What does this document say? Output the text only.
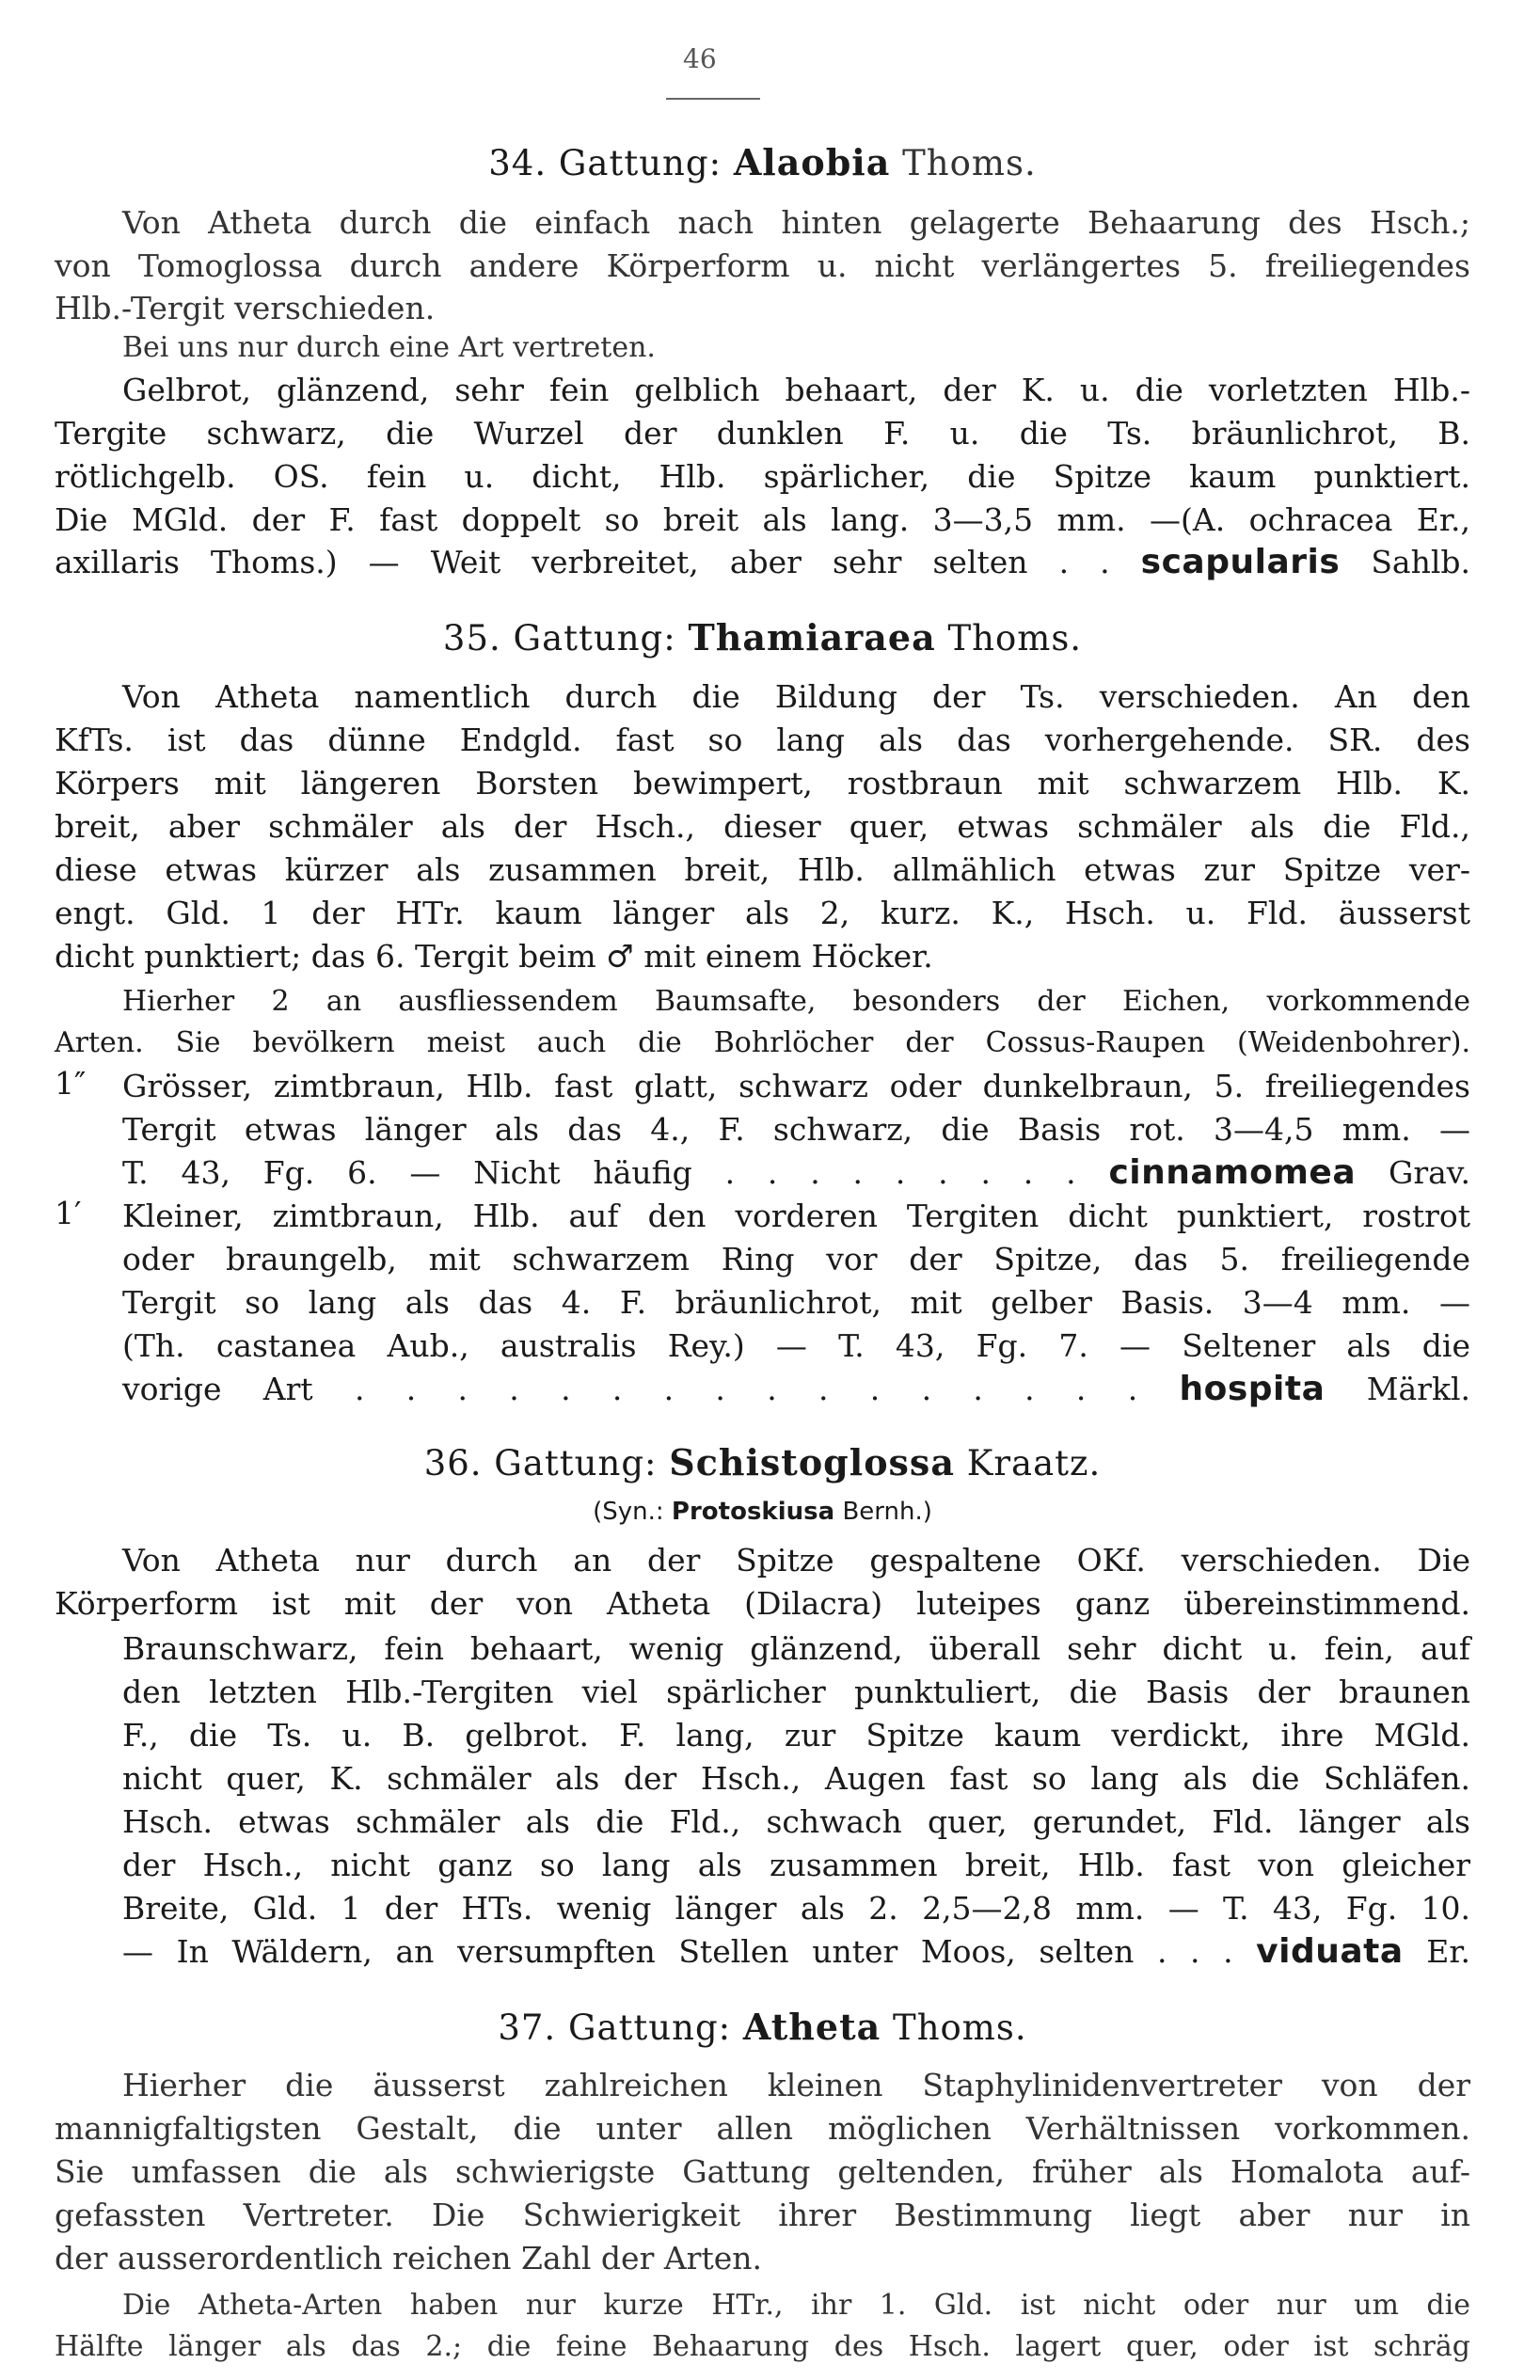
46
34. Gattung: Alaobia Thoms.
Von Atheta durch die einfach nach hinten gelagerte Behaarung des Hsch.;
von Tomoglossa durch andere Körperform u. nicht verlängertes 5. freiliegendes
Hlb.-Tergit verschieden.
Bei uns nur durch eine Art vertreten.
Gelbrot, glänzend, sehr fein gelblich behaart, der K. u. die vorletzten Hlb.-
Tergite schwarz, die Wurzel der dunklen F. u. die Ts. bräunlichrot, B.
rötlichgelb. OS. fein u. dicht, Hlb. spärlicher, die Spitze kaum punktiert.
Die MGld. der F. fast doppelt so breit als lang. 3—3,5 mm. —(A. ochracea Er.,
axillaris Thoms.) — Weit verbreitet, aber sehr selten . . scapularis Sahlb.
35. Gattung: Thamiaraea Thoms.
Von Atheta namentlich durch die Bildung der Ts. verschieden. An den
KfTs. ist das dünne Endgld. fast so lang als das vorhergehende. SR. des
Körpers mit längeren Borsten bewimpert, rostbraun mit schwarzem Hlb. K.
breit, aber schmäler als der Hsch., dieser quer, etwas schmäler als die Fld.,
diese etwas kürzer als zusammen breit, Hlb. allmählich etwas zur Spitze ver-
engt. Gld. 1 der HTr. kaum länger als 2, kurz. K., Hsch. u. Fld. äusserst
dicht punktiert; das 6. Tergit beim ♂ mit einem Höcker.
Hierher 2 an ausfliessendem Baumsafte, besonders der Eichen, vorkommende
Arten. Sie bevölkern meist auch die Bohrlöcher der Cossus-Raupen (Weidenbohrer).
1″	Grösser, zimtbraun, Hlb. fast glatt, schwarz oder dunkelbraun, 5. freiliegendes
Tergit etwas länger als das 4., F. schwarz, die Basis rot. 3—4,5 mm. —
T. 43, Fg. 6. — Nicht häufig . . . . . . . . . cinnamomea Grav.
1′	Kleiner, zimtbraun, Hlb. auf den vorderen Tergiten dicht punktiert, rostrot
oder braungelb, mit schwarzem Ring vor der Spitze, das 5. freiliegende
Tergit so lang als das 4. F. bräunlichrot, mit gelber Basis. 3—4 mm. —
(Th. castanea Aub., australis Rey.) — T. 43, Fg. 7. — Seltener als die
vorige Art . . . . . . . . . . . . . . . . hospita Märkl.
36. Gattung: Schistoglossa Kraatz.
(Syn.: Protoskiusa Bernh.)
Von Atheta nur durch an der Spitze gespaltene OKf. verschieden. Die
Körperform ist mit der von Atheta (Dilacra) luteipes ganz übereinstimmend.
Braunschwarz, fein behaart, wenig glänzend, überall sehr dicht u. fein, auf
den letzten Hlb.-Tergiten viel spärlicher punktuliert, die Basis der braunen
F., die Ts. u. B. gelbrot. F. lang, zur Spitze kaum verdickt, ihre MGld.
nicht quer, K. schmäler als der Hsch., Augen fast so lang als die Schläfen.
Hsch. etwas schmäler als die Fld., schwach quer, gerundet, Fld. länger als
der Hsch., nicht ganz so lang als zusammen breit, Hlb. fast von gleicher
Breite, Gld. 1 der HTs. wenig länger als 2. 2,5—2,8 mm. — T. 43, Fg. 10.
— In Wäldern, an versumpften Stellen unter Moos, selten . . . viduata Er.
37. Gattung: Atheta Thoms.
Hierher die äusserst zahlreichen kleinen Staphylinidenvertreter von der
mannigfaltigsten Gestalt, die unter allen möglichen Verhältnissen vorkommen.
Sie umfassen die als schwierigste Gattung geltenden, früher als Homalota auf-
gefassten Vertreter. Die Schwierigkeit ihrer Bestimmung liegt aber nur in
der ausserordentlich reichen Zahl der Arten.
Die Atheta-Arten haben nur kurze HTr., ihr 1. Gld. ist nicht oder nur um die
Hälfte länger als das 2.; die feine Behaarung des Hsch. lagert quer, oder ist schräg
